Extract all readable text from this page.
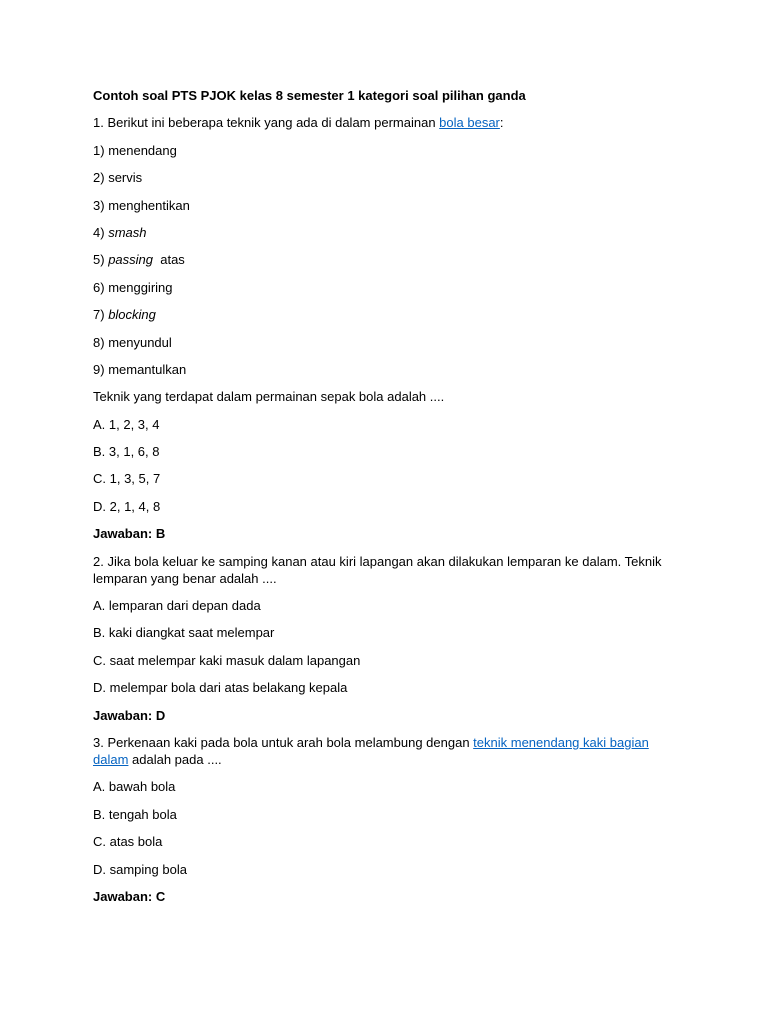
Contoh soal PTS PJOK kelas 8 semester 1 kategori soal pilihan ganda
1. Berikut ini beberapa teknik yang ada di dalam permainan bola besar:
1) menendang
2) servis
3) menghentikan
4) smash
5) passing  atas
6) menggiring
7) blocking
8) menyundul
9) memantulkan
Teknik yang terdapat dalam permainan sepak bola adalah ....
A. 1, 2, 3, 4
B. 3, 1, 6, 8
C. 1, 3, 5, 7
D. 2, 1, 4, 8
Jawaban: B
2. Jika bola keluar ke samping kanan atau kiri lapangan akan dilakukan lemparan ke dalam. Teknik lemparan yang benar adalah ....
A. lemparan dari depan dada
B. kaki diangkat saat melempar
C. saat melempar kaki masuk dalam lapangan
D. melempar bola dari atas belakang kepala
Jawaban: D
3. Perkenaan kaki pada bola untuk arah bola melambung dengan teknik menendang kaki bagian dalam adalah pada ....
A. bawah bola
B. tengah bola
C. atas bola
D. samping bola
Jawaban: C
